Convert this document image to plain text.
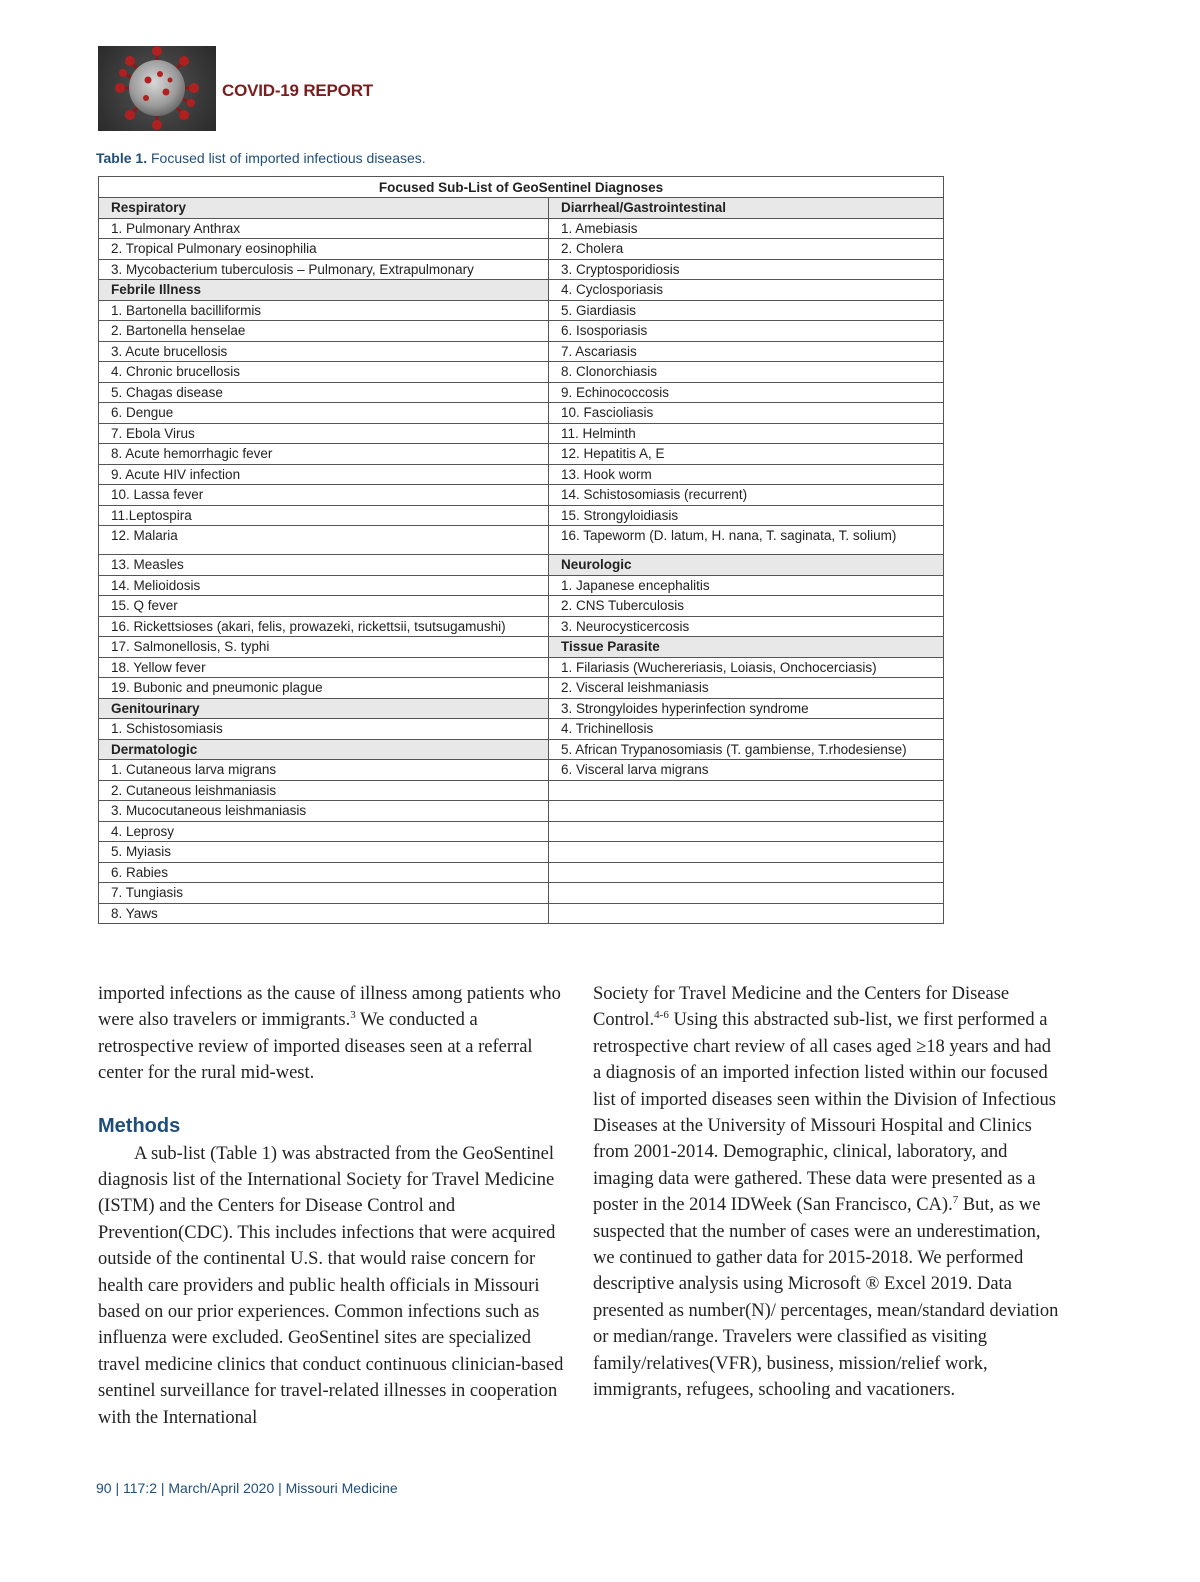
COVID-19 REPORT
Table 1. Focused list of imported infectious diseases.
Focused Sub-List of GeoSentinel Diagnoses	
Respiratory	Diarrheal/Gastrointestinal
1. Pulmonary Anthrax	1. Amebiasis
2. Tropical Pulmonary eosinophilia	2. Cholera
3. Mycobacterium tuberculosis – Pulmonary, Extrapulmonary	3. Cryptosporidiosis
Febrile Illness	4. Cyclosporiasis
1. Bartonella bacilliformis	5. Giardiasis
2. Bartonella henselae	6. Isosporiasis
3. Acute brucellosis	7. Ascariasis
4. Chronic brucellosis	8. Clonorchiasis
5. Chagas disease	9. Echinococcosis
6. Dengue	10. Fascioliasis
7. Ebola Virus	11. Helminth
8. Acute hemorrhagic fever	12. Hepatitis A, E
9. Acute HIV infection	13. Hook worm
10. Lassa fever	14. Schistosomiasis (recurrent)
11.Leptospira	15. Strongyloidiasis
12. Malaria	16. Tapeworm (D. latum, H. nana, T. saginata, T. solium)
13. Measles	Neurologic
14. Melioidosis	1. Japanese encephalitis
15. Q fever	2. CNS Tuberculosis
16. Rickettsioses (akari, felis, prowazeki, rickettsii, tsutsugamushi)	3. Neurocysticercosis
17. Salmonellosis, S. typhi	Tissue Parasite
18. Yellow fever	1. Filariasis (Wuchereriasis, Loiasis, Onchocerciasis)
19. Bubonic and pneumonic plague	2. Visceral leishmaniasis
Genitourinary	3. Strongyloides hyperinfection syndrome
1. Schistosomiasis	4. Trichinellosis
Dermatologic	5. African Trypanosomiasis (T. gambiense, T.rhodesiense)
1. Cutaneous larva migrans	6. Visceral larva migrans
2. Cutaneous leishmaniasis	
3. Mucocutaneous leishmaniasis	
4. Leprosy	
5. Myiasis	
6. Rabies	
7. Tungiasis	
8. Yaws	

imported infections as the cause of illness among patients who were also travelers or immigrants.$^3$ We conducted a retrospective review of imported diseases seen at a referral center for the rural mid-west.

Methods

A sub-list (Table 1) was abstracted from the GeoSentinel diagnosis list of the International Society for Travel Medicine (ISTM) and the Centers for Disease Control and Prevention(CDC). This includes infections that were acquired outside of the continental U.S. that would raise concern for health care providers and public health officials in Missouri based on our prior experiences. Common infections such as influenza were excluded. GeoSentinel sites are specialized travel medicine clinics that conduct continuous clinician-based sentinel surveillance for travel-related illnesses in cooperation with the International

Society for Travel Medicine and the Centers for Disease Control.$^{4-6}$ Using this abstracted sub-list, we first performed a retrospective chart review of all cases aged ≥18 years and had a diagnosis of an imported infection listed within our focused list of imported diseases seen within the Division of Infectious Diseases at the University of Missouri Hospital and Clinics from 2001-2014. Demographic, clinical, laboratory, and imaging data were gathered. These data were presented as a poster in the 2014 IDWeek (San Francisco, CA).$^7$ But, as we suspected that the number of cases were an underestimation, we continued to gather data for 2015-2018. We performed descriptive analysis using Microsoft ® Excel 2019. Data presented as number(N)/ percentages, mean/standard deviation or median/range. Travelers were classified as visiting family/relatives(VFR), business, mission/relief work, immigrants, refugees, schooling and vacationers.

90 | 117:2 | March/April 2020 | Missouri Medicine
